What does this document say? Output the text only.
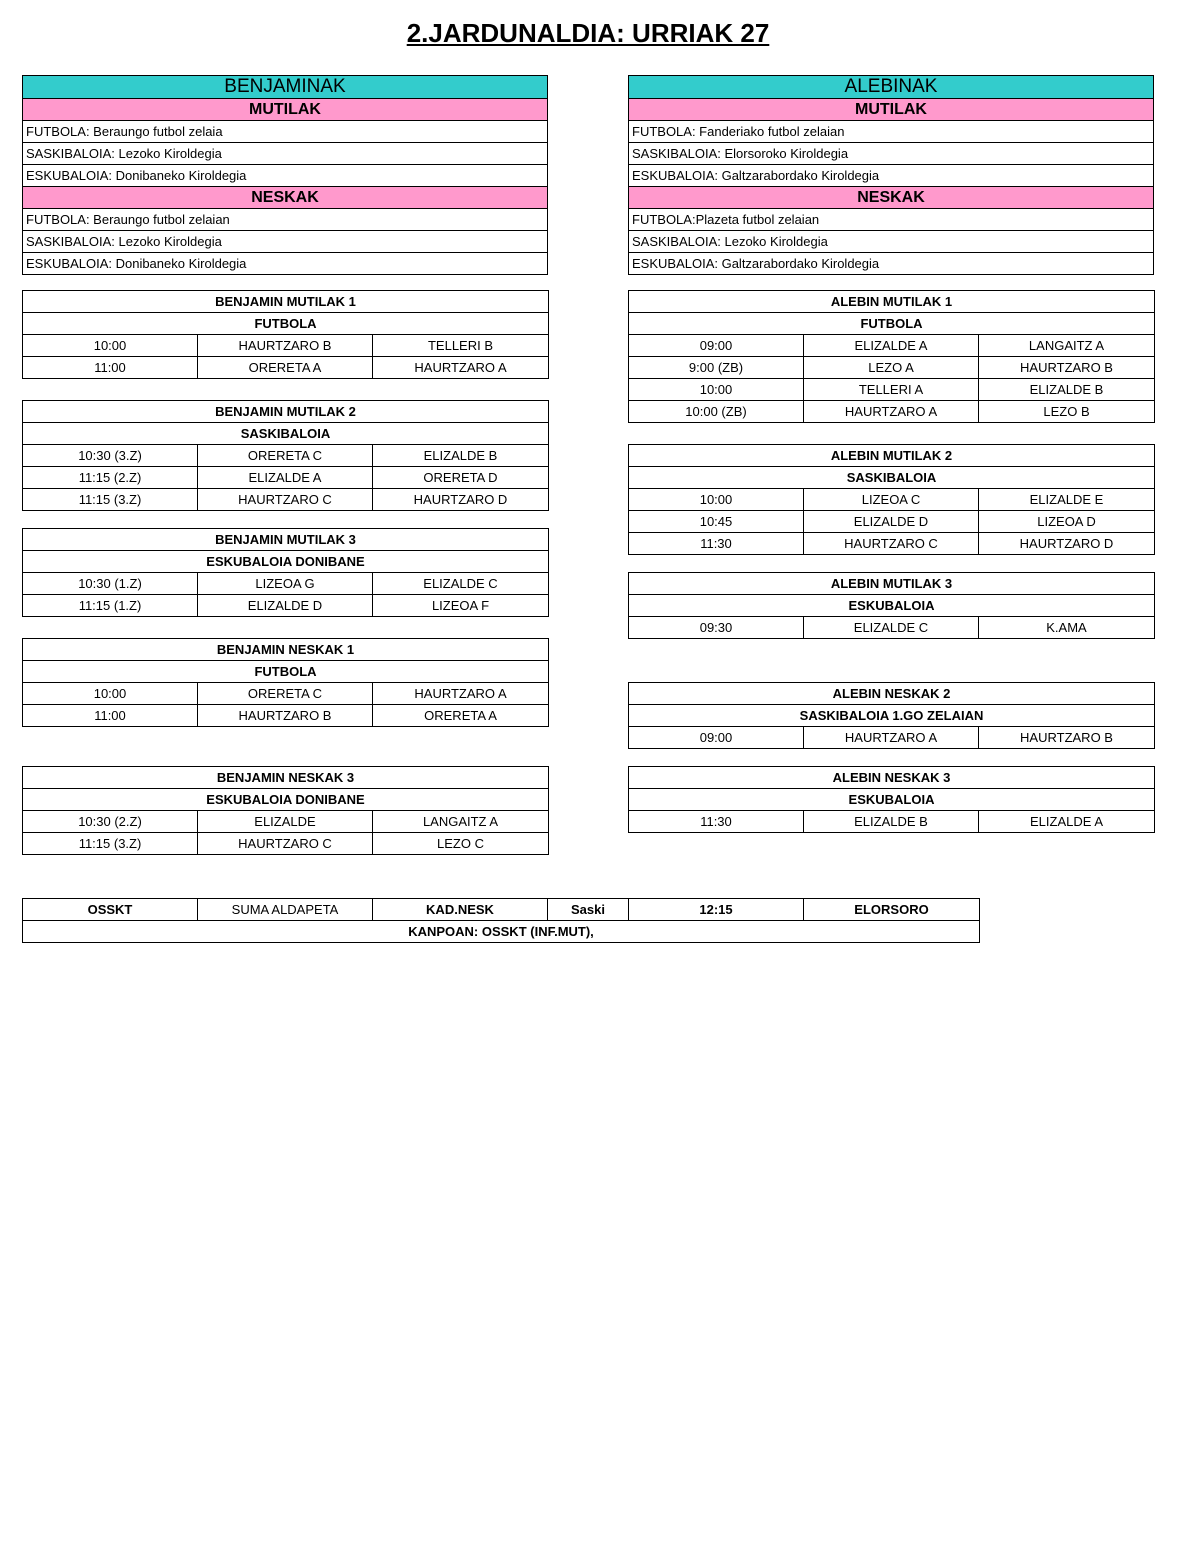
2.JARDUNALDIA: URRIAK 27
BENJAMINAK
MUTILAK
FUTBOLA: Beraungo futbol zelaia
SASKIBALOIA: Lezoko Kiroldegia
ESKUBALOIA: Donibaneko Kiroldegia
NESKAK
FUTBOLA: Beraungo futbol zelaian
SASKIBALOIA: Lezoko Kiroldegia
ESKUBALOIA: Donibaneko Kiroldegia
ALEBINAK
MUTILAK
FUTBOLA: Fanderiako futbol zelaian
SASKIBALOIA: Elorsoroko Kiroldegia
ESKUBALOIA: Galtzarabordako Kiroldegia
NESKAK
FUTBOLA:Plazeta futbol zelaian
SASKIBALOIA: Lezoko Kiroldegia
ESKUBALOIA: Galtzarabordako Kiroldegia
BENJAMIN MUTILAK 1		
FUTBOLA		
10:00	HAURTZARO B	TELLERI B
11:00	ORERETA A	HAURTZARO A
BENJAMIN MUTILAK 2		
SASKIBALOIA		
10:30 (3.Z)	ORERETA C	ELIZALDE B
11:15 (2.Z)	ELIZALDE A	ORERETA D
11:15 (3.Z)	HAURTZARO C	HAURTZARO D
BENJAMIN MUTILAK 3		
ESKUBALOIA DONIBANE		
10:30 (1.Z)	LIZEOA G	ELIZALDE C
11:15 (1.Z)	ELIZALDE D	LIZEOA F
BENJAMIN NESKAK 1		
FUTBOLA		
10:00	ORERETA C	HAURTZARO A
11:00	HAURTZARO B	ORERETA A
BENJAMIN NESKAK 3		
ESKUBALOIA DONIBANE		
10:30 (2.Z)	ELIZALDE	LANGAITZ A
11:15 (3.Z)	HAURTZARO C	LEZO C
ALEBIN MUTILAK 1		
FUTBOLA		
09:00	ELIZALDE A	LANGAITZ A
9:00 (ZB)	LEZO A	HAURTZARO B
10:00	TELLERI A	ELIZALDE B
10:00 (ZB)	HAURTZARO A	LEZO B
ALEBIN MUTILAK 2		
SASKIBALOIA		
10:00	LIZEOA C	ELIZALDE E
10:45	ELIZALDE D	LIZEOA D
11:30	HAURTZARO C	HAURTZARO D
ALEBIN MUTILAK 3
ESKUBALOIA
09:30	ELIZALDE C	K.AMA
ALEBIN NESKAK 2
SASKIBALOIA 1.GO ZELAIAN
09:00	HAURTZARO A	HAURTZARO B
ALEBIN NESKAK 3
ESKUBALOIA
11:30	ELIZALDE B	ELIZALDE A
OSSKT	SUMA ALDAPETA	KAD.NESK	Saski	12:15	ELORSORO
KANPOAN: OSSKT (INF.MUT),
